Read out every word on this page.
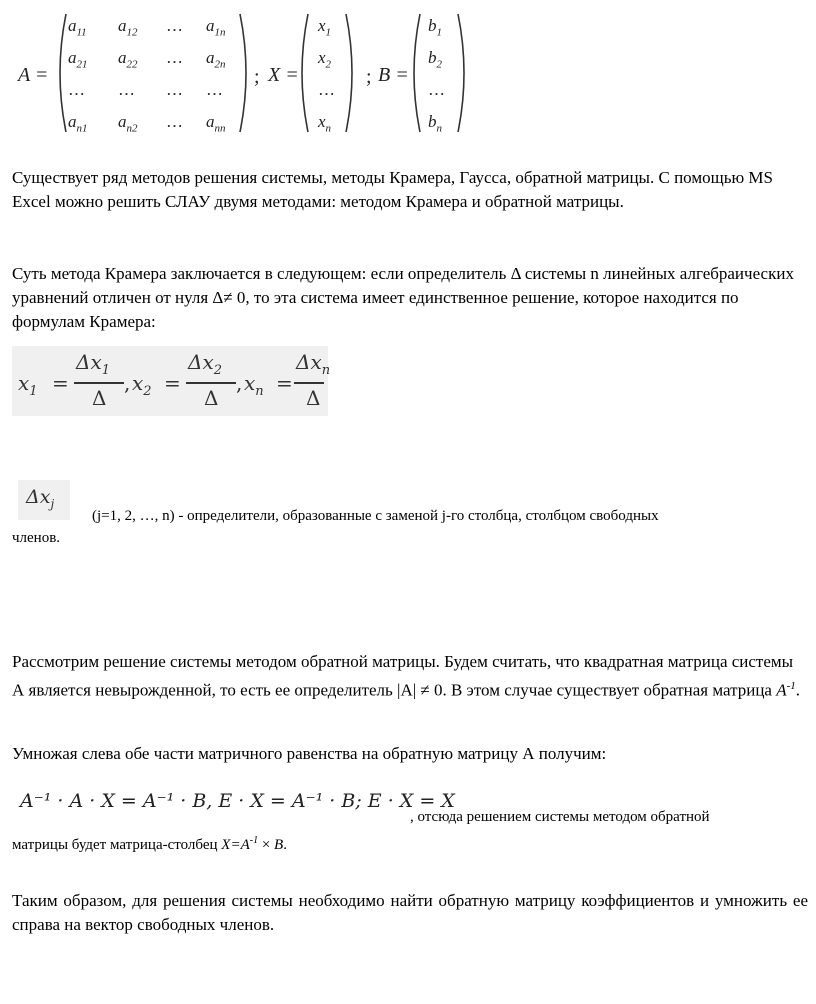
A =	; X =	; B =
$a_{11}$ $a_{12}$ … $a_{1n}$
$a_{21}$ $a_{22}$ … $a_{2n}$
… … … …
$a_{n1}$ $a_{n2}$ … $a_{nn}$
$x_1$
$x_2$
…
$x_n$
$b_1$
$b_2$
…
$b_n$
Существует ряд методов решения системы, методы Крамера, Гаусса, обратной матрицы. С помощью MS Excel можно решить СЛАУ двумя методами: методом Крамера и обратной матрицы.
Суть метода Крамера заключается в следующем: если определитель Δ системы n линейных алгебраических уравнений отличен от нуля Δ≠ 0, то эта система имеет единственное решение, которое находится по формулам Крамера:
$x_1$ =
$\Delta x_1$
Δ
, $x_2$ =
$\Delta x_2$
Δ
, $x_n$ =
$\Delta x_n$
Δ
$\Delta x_j$
(j=1, 2, …, n) - определители, образованные с заменой j-го столбца, столбцом свободных
членов.
Рассмотрим решение системы методом обратной матрицы. Будем считать, что квадратная матрица системы А является невырожденной, то есть ее определитель |A| ≠ 0. В этом случае существует обратная матрица $A^{-1}$.
Умножая слева обе части матричного равенства на обратную матрицу А получим:
A⁻¹ · A · X = A⁻¹ · B, E · X = A⁻¹ · B; E · X = X
, отсюда решением системы методом обратной
матрицы будет матрица-столбец $X=A^{-1} \times B$.
Таким образом, для решения системы необходимо найти обратную матрицу коэффициентов и умножить ее справа на вектор свободных членов.
